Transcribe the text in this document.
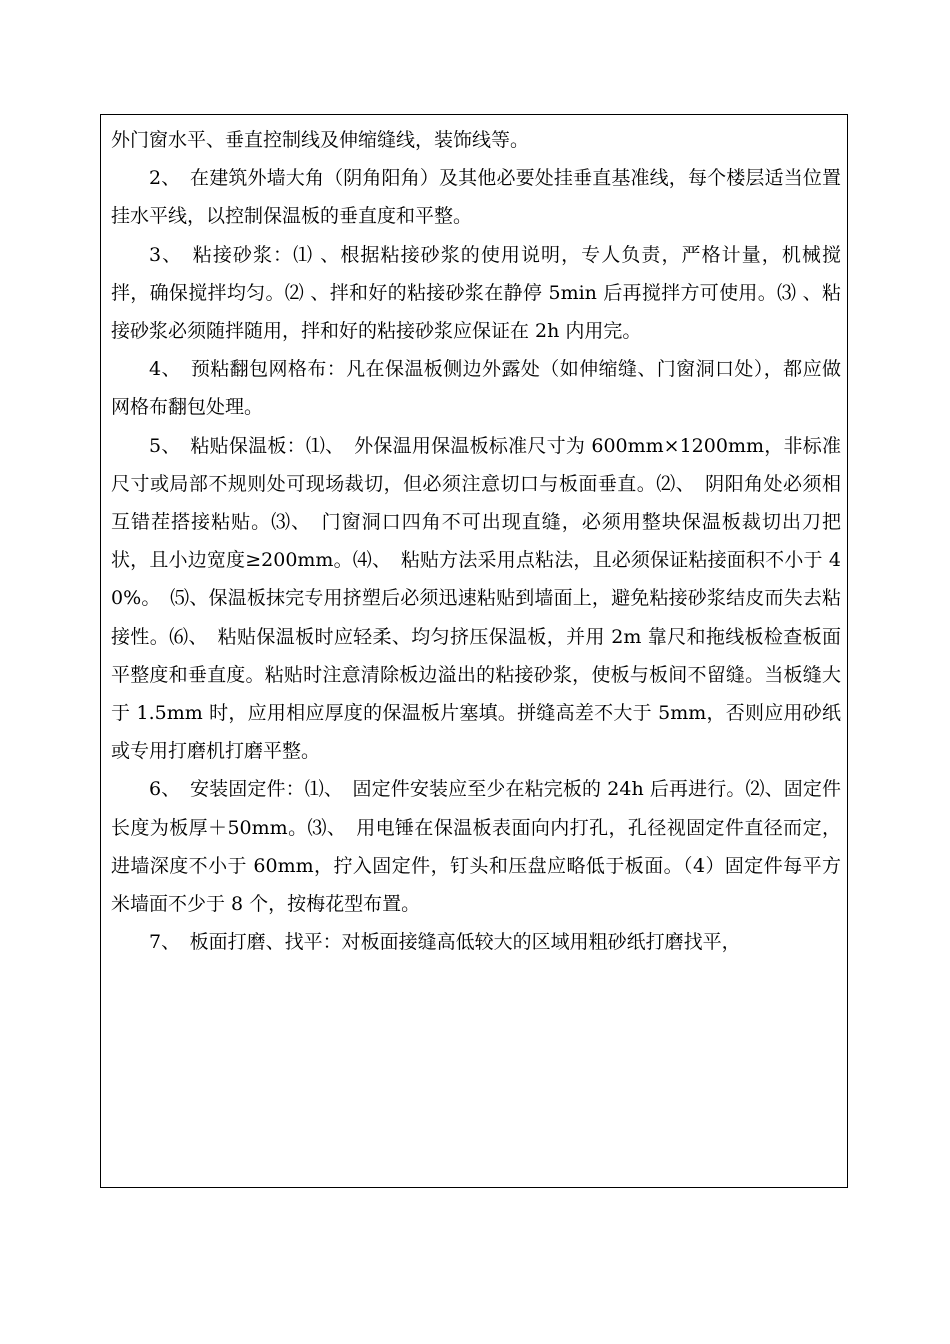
外门窗水平、垂直控制线及伸缩缝线，装饰线等。

2、　在建筑外墙大角（阴角阳角）及其他必要处挂垂直基准线，每个楼层适当位置挂水平线，以控制保温板的垂直度和平整。

3、　粘接砂浆：⑴ 、根据粘接砂浆的使用说明，专人负责，严格计量，机械搅拌，确保搅拌均匀。⑵ 、拌和好的粘接砂浆在静停 5min 后再搅拌方可使用。⑶ 、粘接砂浆必须随拌随用，拌和好的粘接砂浆应保证在 2h 内用完。

4、　预粘翻包网格布：凡在保温板侧边外露处（如伸缩缝、门窗洞口处），都应做网格布翻包处理。

5、　粘贴保温板：⑴、　外保温用保温板标准尺寸为 600mm×1200mm，非标准尺寸或局部不规则处可现场裁切，但必须注意切口与板面垂直。⑵、　阴阳角处必须相互错茬搭接粘贴。⑶、　门窗洞口四角不可出现直缝，必须用整块保温板裁切出刀把状，且小边宽度≥200mm。⑷、　粘贴方法采用点粘法，且必须保证粘接面积不小于 40%。　⑸、保温板抹完专用挤塑后必须迅速粘贴到墙面上，避免粘接砂浆结皮而失去粘接性。⑹、　粘贴保温板时应轻柔、均匀挤压保温板，并用 2m 靠尺和拖线板检查板面平整度和垂直度。粘贴时注意清除板边溢出的粘接砂浆，使板与板间不留缝。当板缝大于 1.5mm 时，应用相应厚度的保温板片塞填。拼缝高差不大于 5mm，否则应用砂纸或专用打磨机打磨平整。

6、　安装固定件：⑴、　固定件安装应至少在粘完板的 24h 后再进行。⑵、固定件长度为板厚＋50mm。⑶、　用电锤在保温板表面向内打孔，孔径视固定件直径而定，进墙深度不小于 60mm，拧入固定件，钉头和压盘应略低于板面。（4）固定件每平方米墙面不少于 8 个，按梅花型布置。

7、　板面打磨、找平：对板面接缝高低较大的区域用粗砂纸打磨找平，
